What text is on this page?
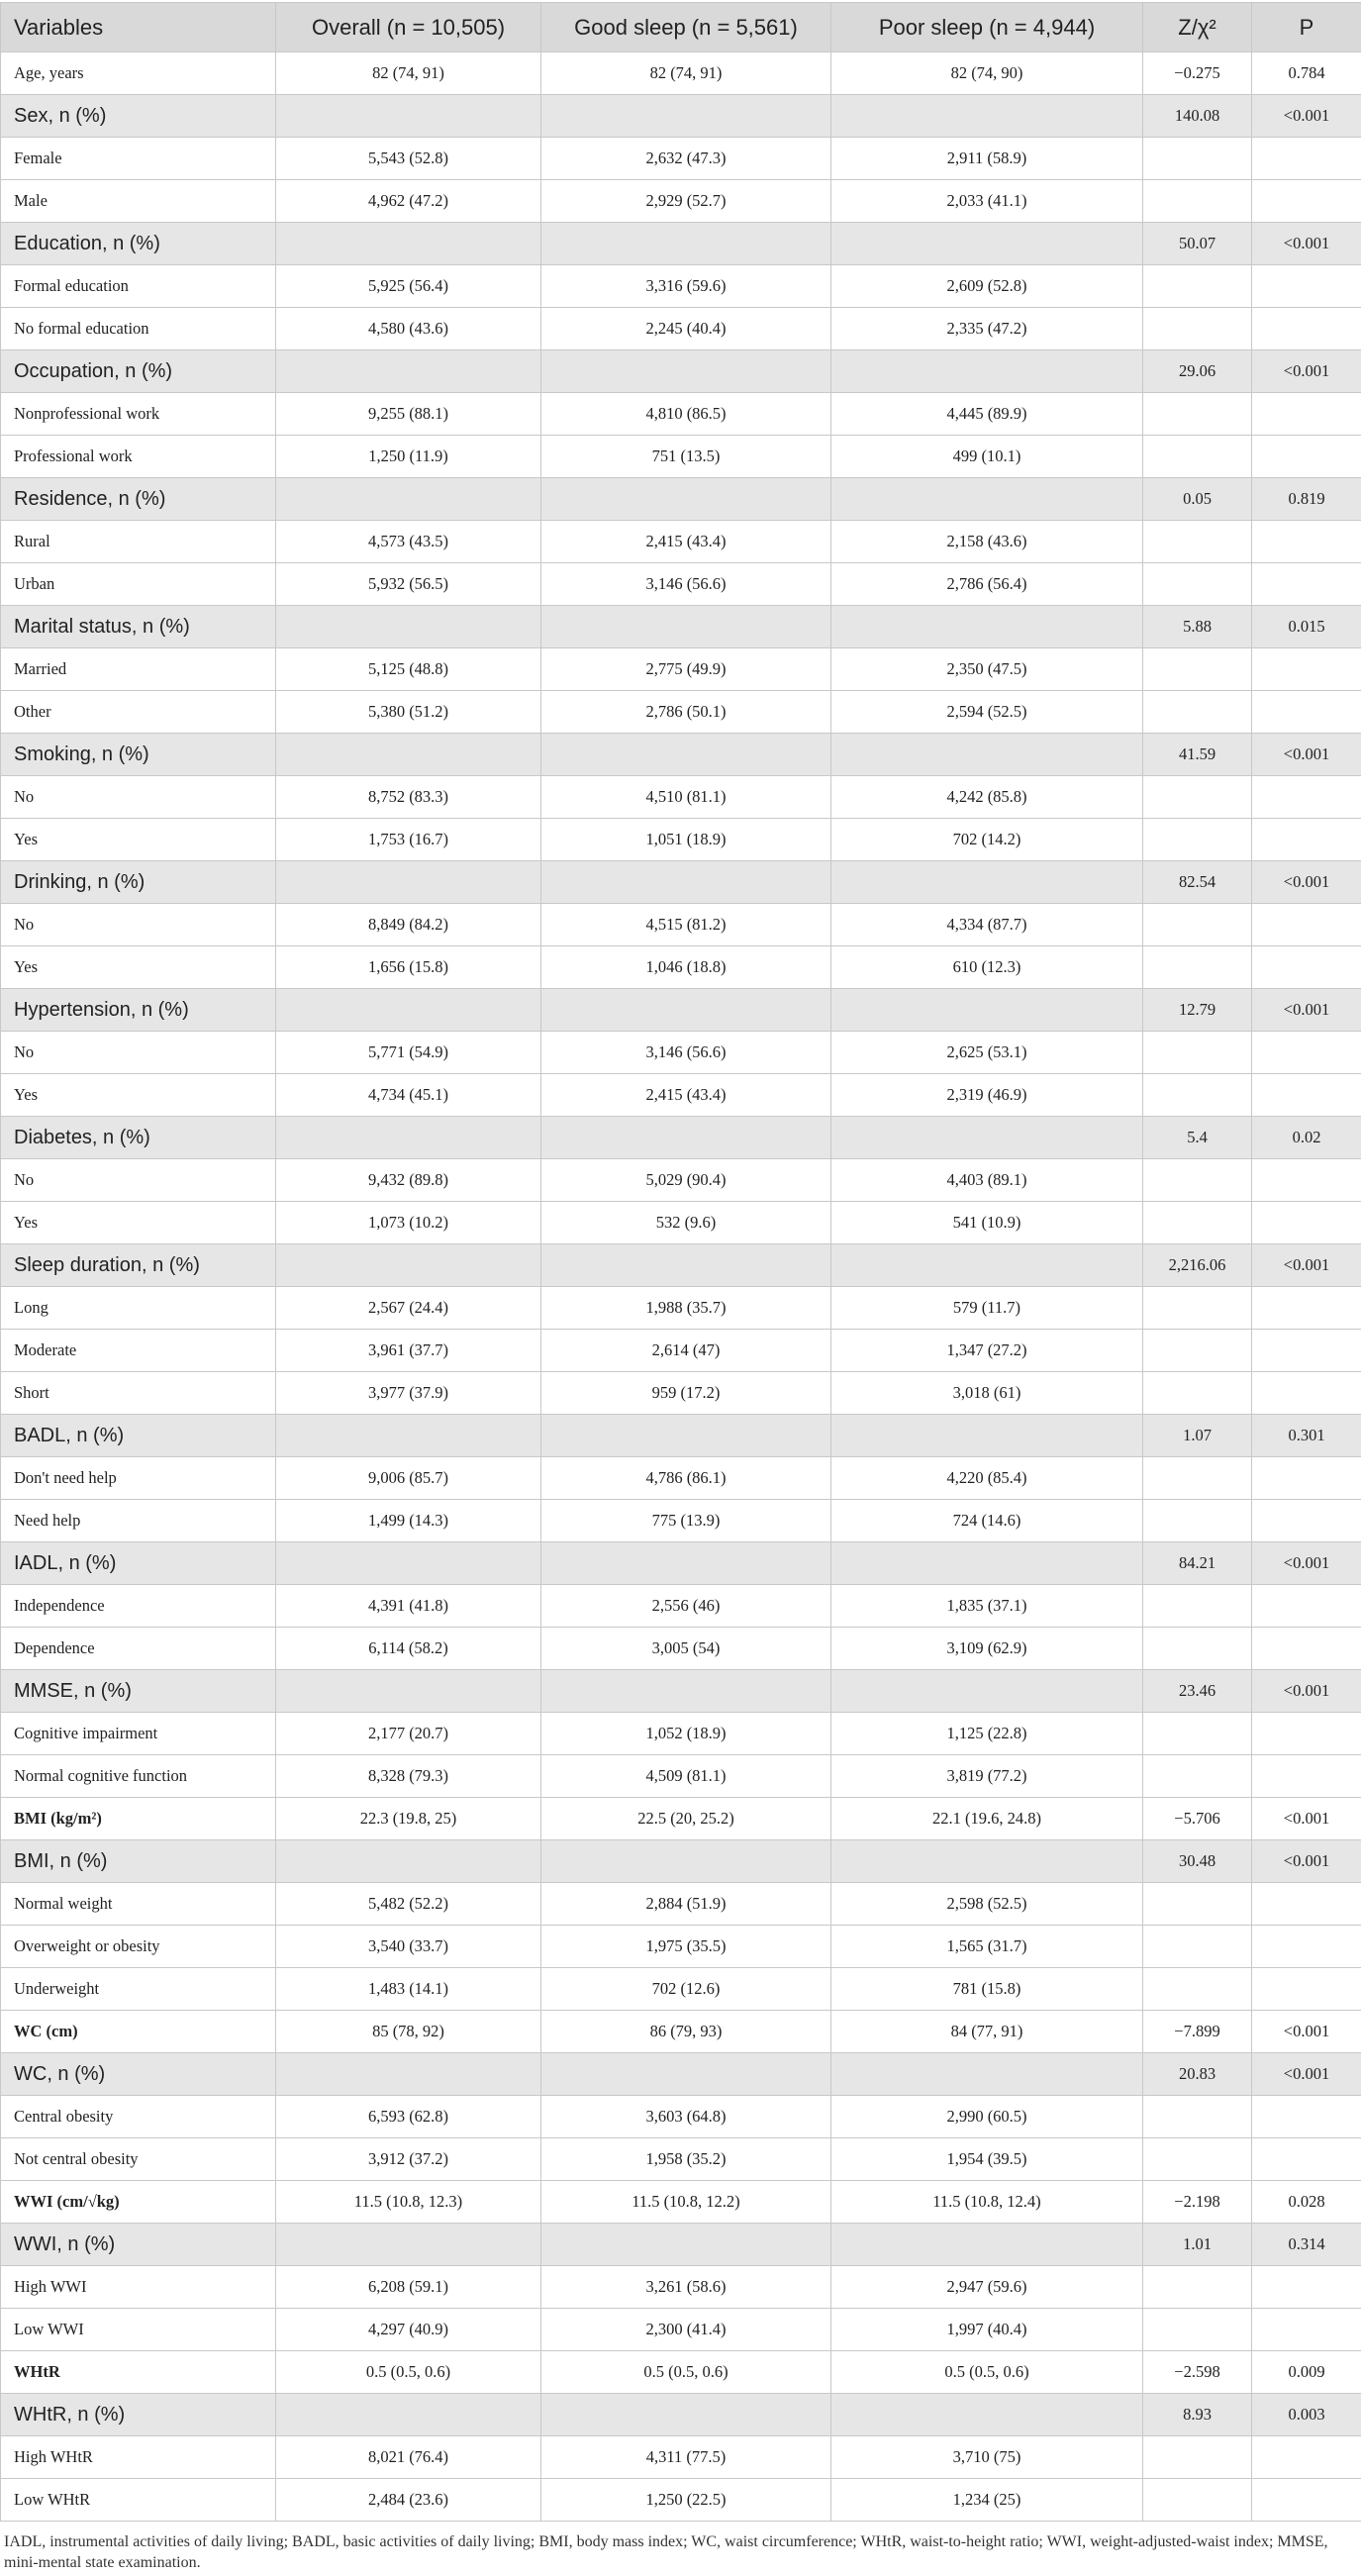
Variables	Overall (n = 10,505)	Good sleep (n = 5,561)	Poor sleep (n = 4,944)	Z/χ²	P
Age, years	82 (74, 91)	82 (74, 91)	82 (74, 90)	−0.275	0.784
Sex, n (%)				140.08	<0.001
Female	5,543 (52.8)	2,632 (47.3)	2,911 (58.9)		
Male	4,962 (47.2)	2,929 (52.7)	2,033 (41.1)		
Education, n (%)				50.07	<0.001
Formal education	5,925 (56.4)	3,316 (59.6)	2,609 (52.8)		
No formal education	4,580 (43.6)	2,245 (40.4)	2,335 (47.2)		
Occupation, n (%)				29.06	<0.001
Nonprofessional work	9,255 (88.1)	4,810 (86.5)	4,445 (89.9)		
Professional work	1,250 (11.9)	751 (13.5)	499 (10.1)		
Residence, n (%)				0.05	0.819
Rural	4,573 (43.5)	2,415 (43.4)	2,158 (43.6)		
Urban	5,932 (56.5)	3,146 (56.6)	2,786 (56.4)		
Marital status, n (%)				5.88	0.015
Married	5,125 (48.8)	2,775 (49.9)	2,350 (47.5)		
Other	5,380 (51.2)	2,786 (50.1)	2,594 (52.5)		
Smoking, n (%)				41.59	<0.001
No	8,752 (83.3)	4,510 (81.1)	4,242 (85.8)		
Yes	1,753 (16.7)	1,051 (18.9)	702 (14.2)		
Drinking, n (%)				82.54	<0.001
No	8,849 (84.2)	4,515 (81.2)	4,334 (87.7)		
Yes	1,656 (15.8)	1,046 (18.8)	610 (12.3)		
Hypertension, n (%)				12.79	<0.001
No	5,771 (54.9)	3,146 (56.6)	2,625 (53.1)		
Yes	4,734 (45.1)	2,415 (43.4)	2,319 (46.9)		
Diabetes, n (%)				5.4	0.02
No	9,432 (89.8)	5,029 (90.4)	4,403 (89.1)		
Yes	1,073 (10.2)	532 (9.6)	541 (10.9)		
Sleep duration, n (%)				2,216.06	<0.001
Long	2,567 (24.4)	1,988 (35.7)	579 (11.7)		
Moderate	3,961 (37.7)	2,614 (47)	1,347 (27.2)		
Short	3,977 (37.9)	959 (17.2)	3,018 (61)		
BADL, n (%)				1.07	0.301
Don't need help	9,006 (85.7)	4,786 (86.1)	4,220 (85.4)		
Need help	1,499 (14.3)	775 (13.9)	724 (14.6)		
IADL, n (%)				84.21	<0.001
Independence	4,391 (41.8)	2,556 (46)	1,835 (37.1)		
Dependence	6,114 (58.2)	3,005 (54)	3,109 (62.9)		
MMSE, n (%)				23.46	<0.001
Cognitive impairment	2,177 (20.7)	1,052 (18.9)	1,125 (22.8)		
Normal cognitive function	8,328 (79.3)	4,509 (81.1)	3,819 (77.2)		
BMI (kg/m²)	22.3 (19.8, 25)	22.5 (20, 25.2)	22.1 (19.6, 24.8)	−5.706	<0.001
BMI, n (%)				30.48	<0.001
Normal weight	5,482 (52.2)	2,884 (51.9)	2,598 (52.5)		
Overweight or obesity	3,540 (33.7)	1,975 (35.5)	1,565 (31.7)		
Underweight	1,483 (14.1)	702 (12.6)	781 (15.8)		
WC (cm)	85 (78, 92)	86 (79, 93)	84 (77, 91)	−7.899	<0.001
WC, n (%)				20.83	<0.001
Central obesity	6,593 (62.8)	3,603 (64.8)	2,990 (60.5)		
Not central obesity	3,912 (37.2)	1,958 (35.2)	1,954 (39.5)		
WWI (cm/√kg)	11.5 (10.8, 12.3)	11.5 (10.8, 12.2)	11.5 (10.8, 12.4)	−2.198	0.028
WWI, n (%)				1.01	0.314
High WWI	6,208 (59.1)	3,261 (58.6)	2,947 (59.6)		
Low WWI	4,297 (40.9)	2,300 (41.4)	1,997 (40.4)		
WHtR	0.5 (0.5, 0.6)	0.5 (0.5, 0.6)	0.5 (0.5, 0.6)	−2.598	0.009
WHtR, n (%)				8.93	0.003
High WHtR	8,021 (76.4)	4,311 (77.5)	3,710 (75)		
Low WHtR	2,484 (23.6)	1,250 (22.5)	1,234 (25)		
IADL, instrumental activities of daily living; BADL, basic activities of daily living; BMI, body mass index; WC, waist circumference; WHtR, waist-to-height ratio; WWI, weight-adjusted-waist index; MMSE, mini-mental state examination.
